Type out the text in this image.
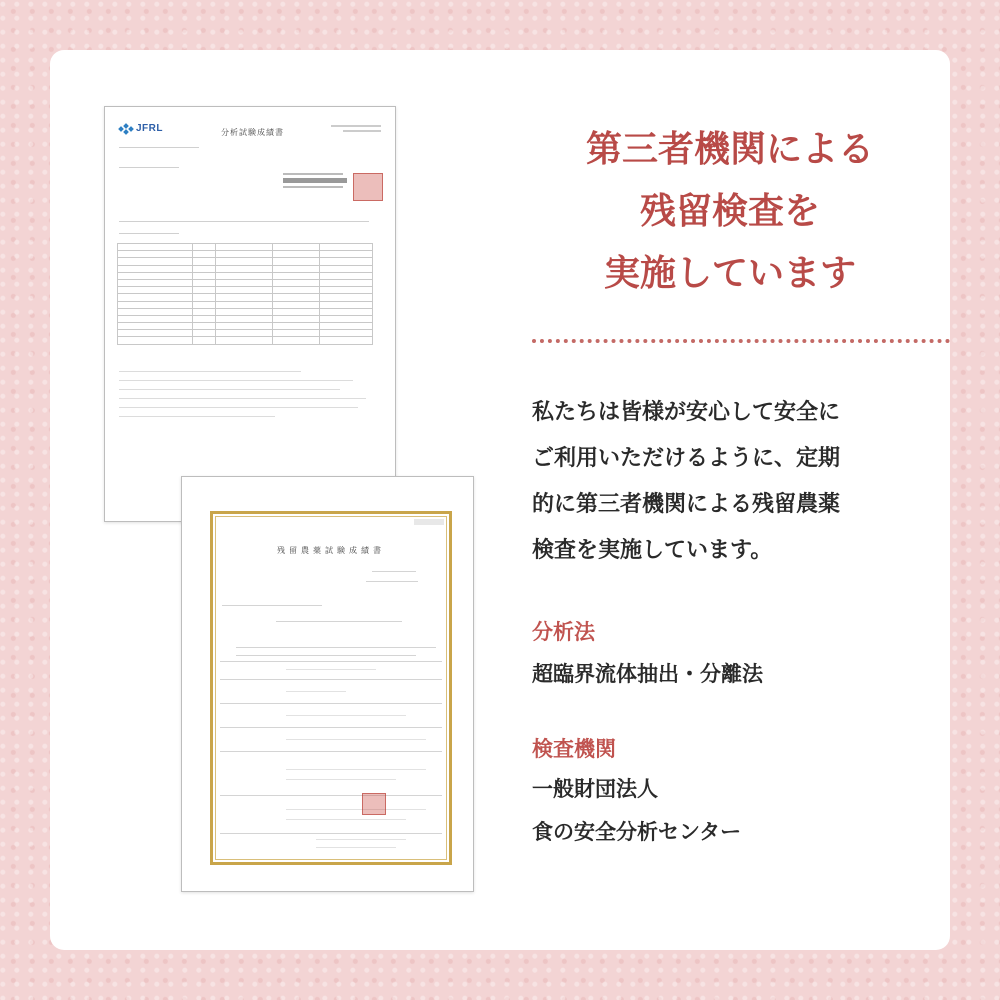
JFRL	分析試験成績書

残留農薬試験成績書
第三者機関による
残留検査を
実施しています

私たちは皆様が安心して安全に
ご利用いただけるように、定期
的に第三者機関による残留農薬
検査を実施しています。

分析法

超臨界流体抽出・分離法

検査機関

一般財団法人
食の安全分析センター
